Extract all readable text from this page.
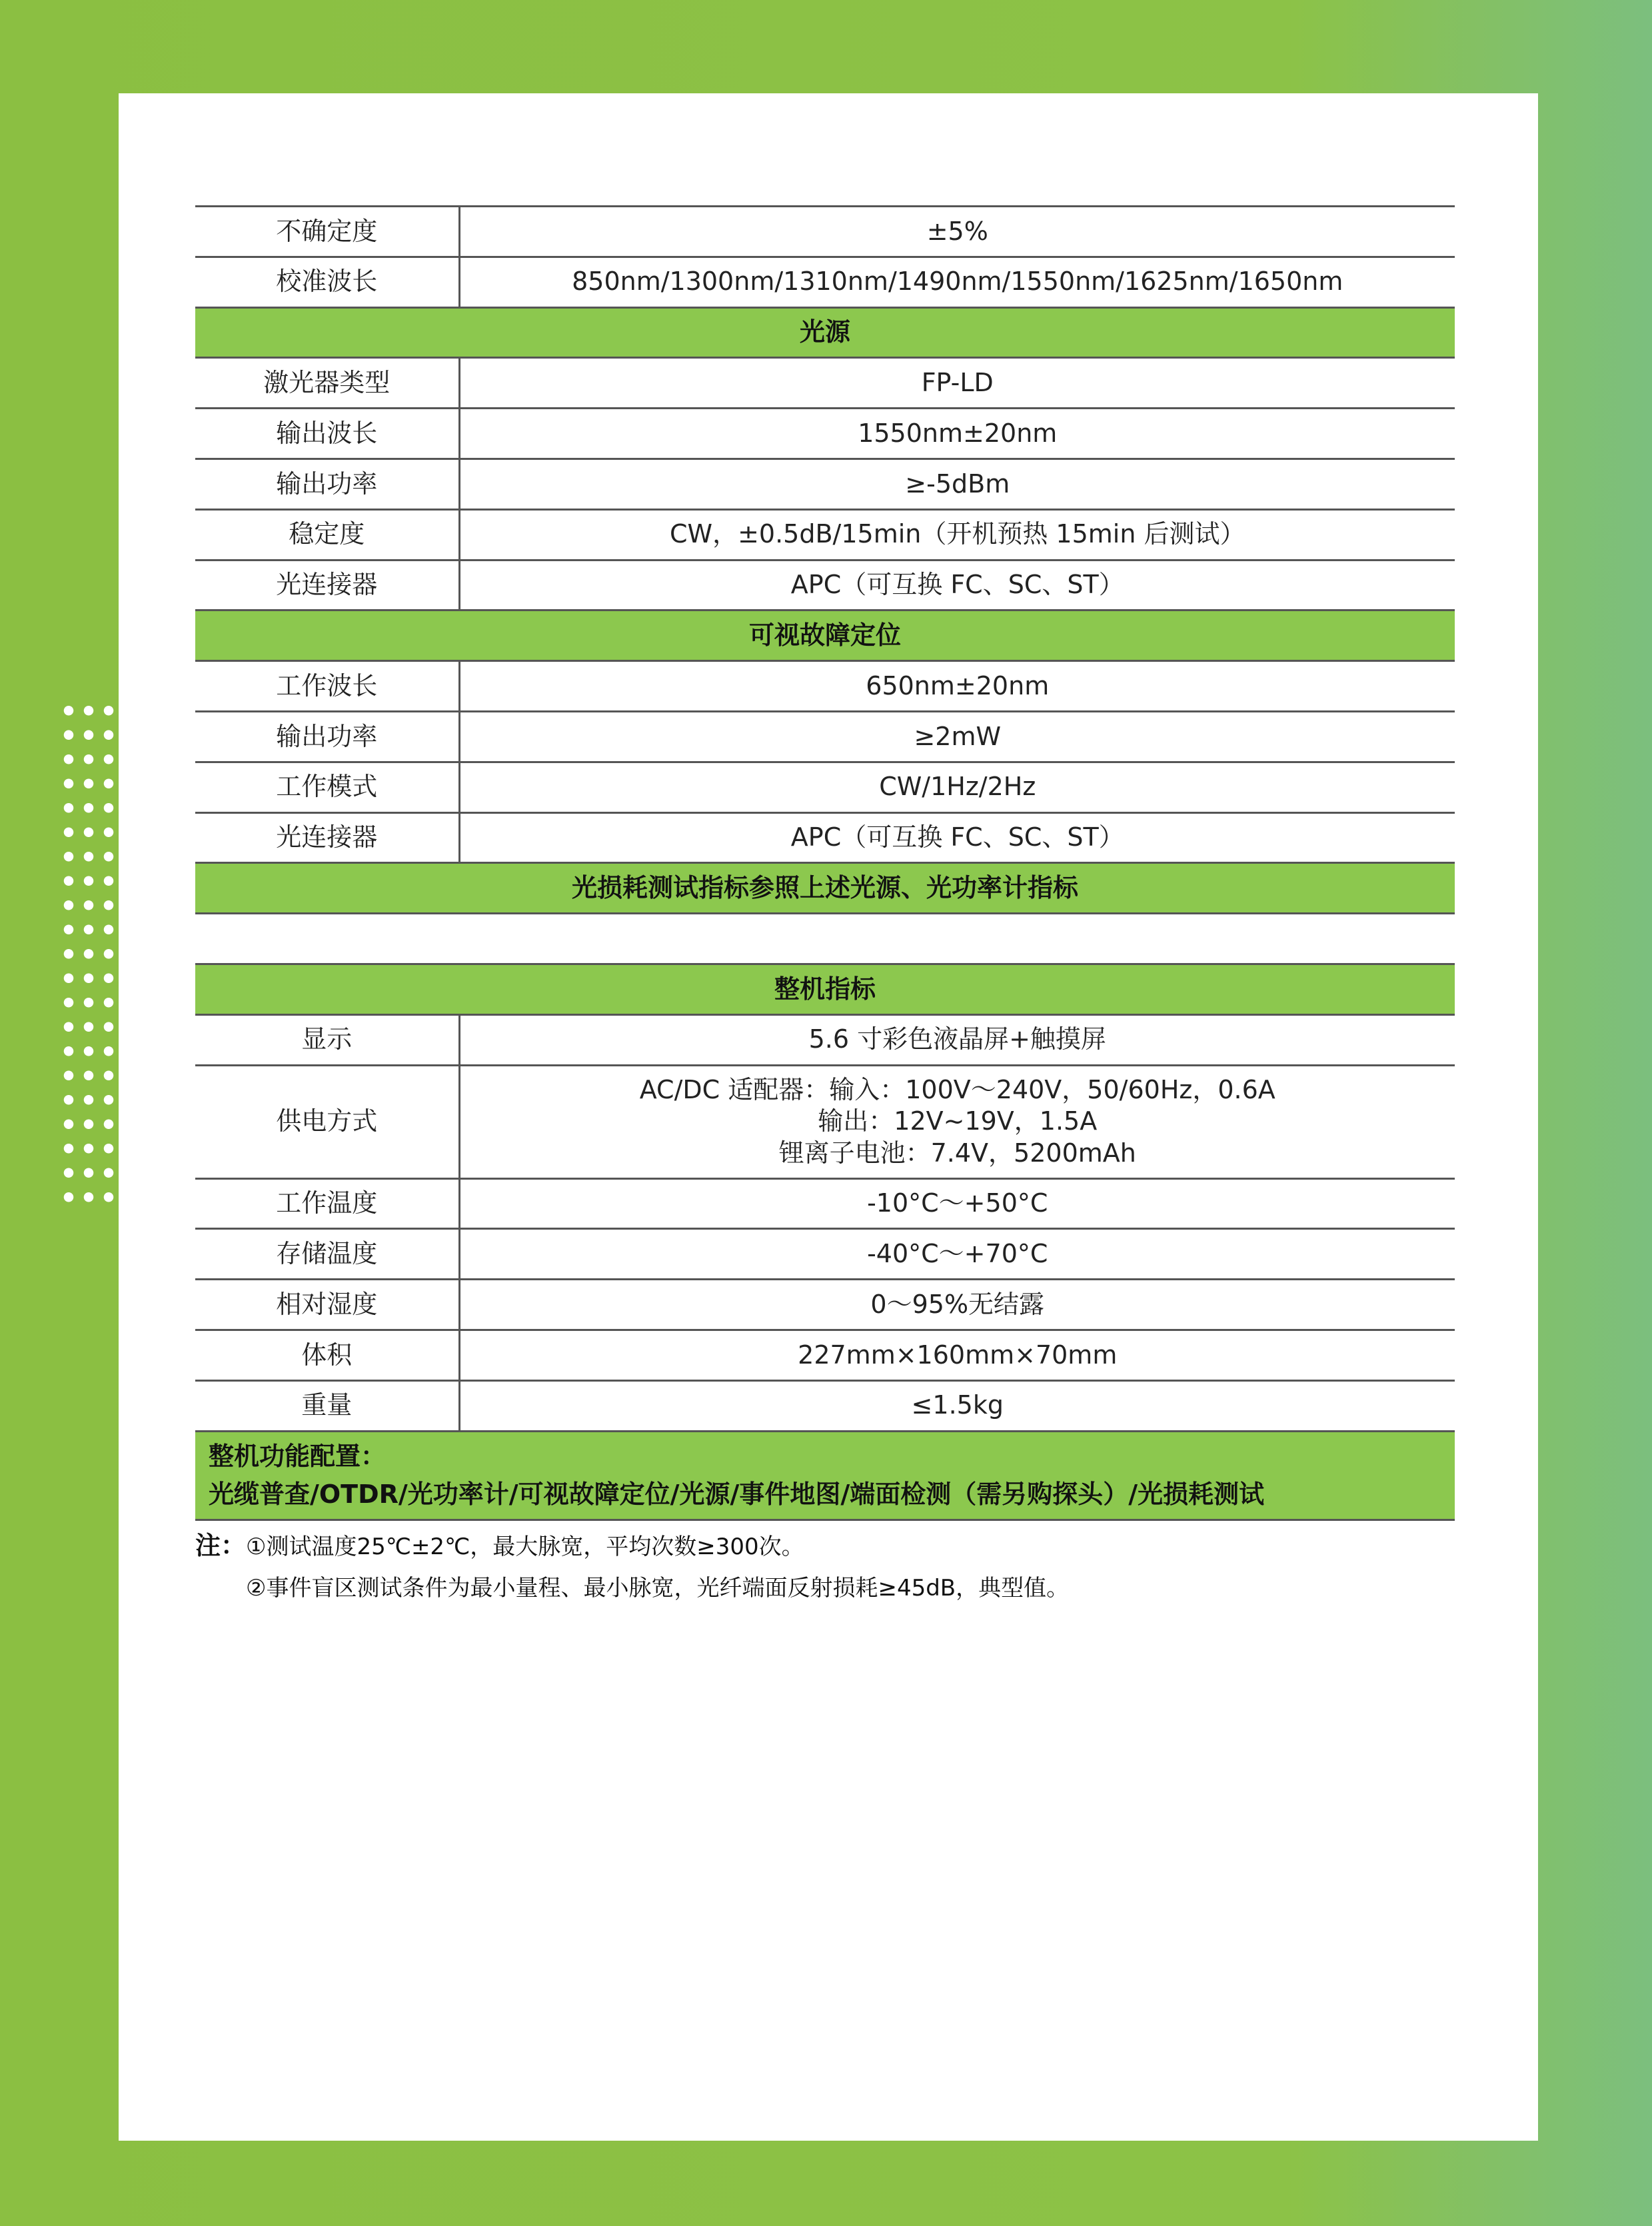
不确定度	±5%
校准波长	850nm/1300nm/1310nm/1490nm/1550nm/1625nm/1650nm
光源	
激光器类型	FP-LD
输出波长	1550nm±20nm
输出功率	≥-5dBm
稳定度	CW，±0.5dB/15min（开机预热 15min 后测试）
光连接器	APC（可互换 FC、SC、ST）
可视故障定位	
工作波长	650nm±20nm
输出功率	≥2mW
工作模式	CW/1Hz/2Hz
光连接器	APC（可互换 FC、SC、ST）
光损耗测试指标参照上述光源、光功率计指标	

整机指标	
显示	5.6 寸彩色液晶屏+触摸屏
供电方式	AC/DC 适配器：输入：100V～240V，50/60Hz，0.6A
输出：12V~19V，1.5A
锂离子电池：7.4V，5200mAh

工作温度	-10°C～+50°C
存储温度	-40°C～+70°C
相对湿度	0～95%无结露
体积	227mm×160mm×70mm
重量	≤1.5kg

整机功能配置：
光缆普查/OTDR/光功率计/可视故障定位/光源/事件地图/端面检测（需另购探头）/光损耗测试	
注：①测试温度25℃±2℃，最大脉宽，平均次数≥300次。
②事件盲区测试条件为最小量程、最小脉宽，光纤端面反射损耗≥45dB，典型值。
